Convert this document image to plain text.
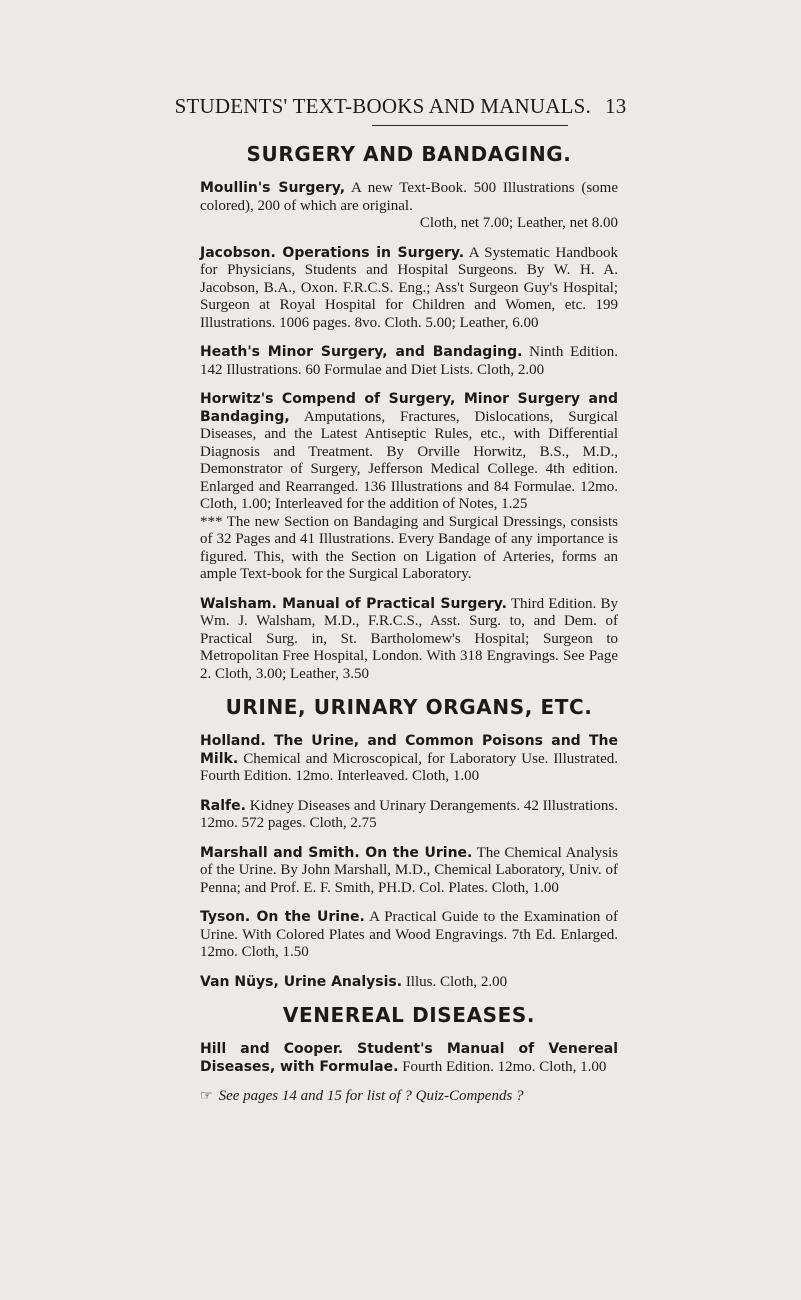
STUDENTS' TEXT-BOOKS AND MANUALS. 13
SURGERY AND BANDAGING.
Moullin's Surgery, A new Text-Book. 500 Illustrations (some colored), 200 of which are original.
Cloth, net 7.00; Leather, net 8.00
Jacobson. Operations in Surgery. A Systematic Handbook for Physicians, Students and Hospital Surgeons. By W. H. A. Jacobson, B.A., Oxon. F.R.C.S. Eng.; Ass't Surgeon Guy's Hospital; Surgeon at Royal Hospital for Children and Women, etc. 199 Illustrations. 1006 pages. 8vo. Cloth. 5.00; Leather, 6.00
Heath's Minor Surgery, and Bandaging. Ninth Edition. 142 Illustrations. 60 Formulae and Diet Lists. Cloth, 2.00
Horwitz's Compend of Surgery, Minor Surgery and Bandaging, Amputations, Fractures, Dislocations, Surgical Diseases, and the Latest Antiseptic Rules, etc., with Differential Diagnosis and Treatment. By Orville Horwitz, B.S., M.D., Demonstrator of Surgery, Jefferson Medical College. 4th edition. Enlarged and Rearranged. 136 Illustrations and 84 Formulae. 12mo. Cloth, 1.00; Interleaved for the addition of Notes, 1.25
*** The new Section on Bandaging and Surgical Dressings, consists of 32 Pages and 41 Illustrations. Every Bandage of any importance is figured. This, with the Section on Ligation of Arteries, forms an ample Text-book for the Surgical Laboratory.
Walsham. Manual of Practical Surgery. Third Edition. By Wm. J. Walsham, M.D., F.R.C.S., Asst. Surg. to, and Dem. of Practical Surg. in, St. Bartholomew's Hospital; Surgeon to Metropolitan Free Hospital, London. With 318 Engravings. See Page 2. Cloth, 3.00; Leather, 3.50
URINE, URINARY ORGANS, ETC.
Holland. The Urine, and Common Poisons and The Milk. Chemical and Microscopical, for Laboratory Use. Illustrated. Fourth Edition. 12mo. Interleaved. Cloth, 1.00
Ralfe. Kidney Diseases and Urinary Derangements. 42 Illustrations. 12mo. 572 pages. Cloth, 2.75
Marshall and Smith. On the Urine. The Chemical Analysis of the Urine. By John Marshall, M.D., Chemical Laboratory, Univ. of Penna; and Prof. E. F. Smith, PH.D. Col. Plates. Cloth, 1.00
Tyson. On the Urine. A Practical Guide to the Examination of Urine. With Colored Plates and Wood Engravings. 7th Ed. Enlarged. 12mo. Cloth, 1.50
Van Nüys, Urine Analysis. Illus. Cloth, 2.00
VENEREAL DISEASES.
Hill and Cooper. Student's Manual of Venereal Diseases, with Formulae. Fourth Edition. 12mo. Cloth, 1.00
☞ See pages 14 and 15 for list of ? Quiz-Compends ?
